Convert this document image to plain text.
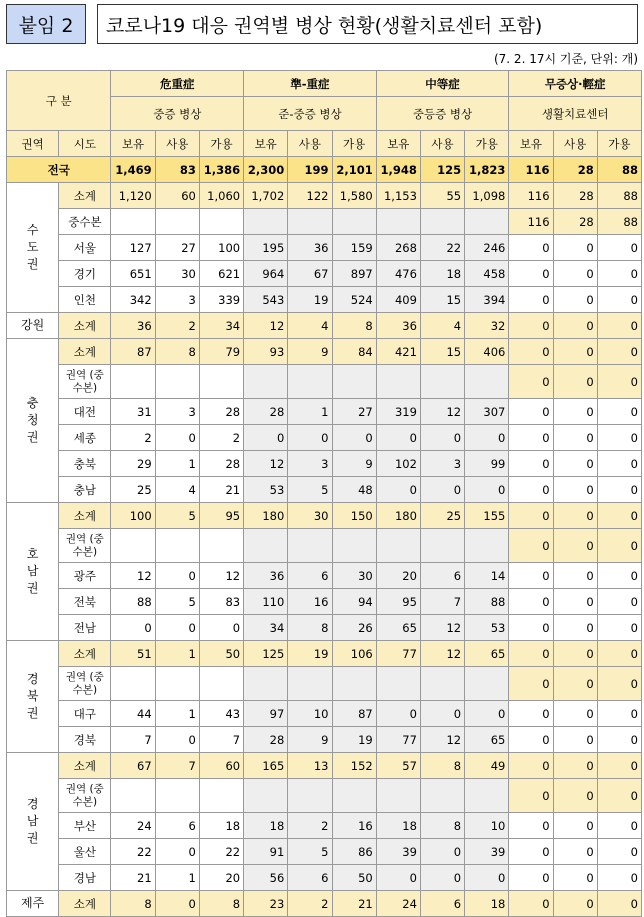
붙임 2	코로나19 대응 권역별 병상 현황(생활치료센터 포함)
(7. 2. 17시 기준, 단위: 개)
구 분		危重症			準-重症			中等症			무증상·輕症		
		중증 병상			준-중증 병상			중등증 병상			생활치료센터		
권역	시도	보유	사용	가용	보유	사용	가용	보유	사용	가용	보유	사용	가용
전국		1,469	83	1,386	2,300	199	2,101	1,948	125	1,823	116	28	88
수도권	소계	1,120	60	1,060	1,702	122	1,580	1,153	55	1,098	116	28	88
	중수본										116	28	88
	서울	127	27	100	195	36	159	268	22	246	0	0	0
	경기	651	30	621	964	67	897	476	18	458	0	0	0
	인천	342	3	339	543	19	524	409	15	394	0	0	0
강원	소계	36	2	34	12	4	8	36	4	32	0	0	0
충청권	소계	87	8	79	93	9	84	421	15	406	0	0	0
	권역 (중수본)										0	0	0
	대전	31	3	28	28	1	27	319	12	307	0	0	0
	세종	2	0	2	0	0	0	0	0	0	0	0	0
	충북	29	1	28	12	3	9	102	3	99	0	0	0
	충남	25	4	21	53	5	48	0	0	0	0	0	0
호남권	소계	100	5	95	180	30	150	180	25	155	0	0	0
	권역 (중수본)										0	0	0
	광주	12	0	12	36	6	30	20	6	14	0	0	0
	전북	88	5	83	110	16	94	95	7	88	0	0	0
	전남	0	0	0	34	8	26	65	12	53	0	0	0
경북권	소계	51	1	50	125	19	106	77	12	65	0	0	0
	권역 (중수본)										0	0	0
	대구	44	1	43	97	10	87	0	0	0	0	0	0
	경북	7	0	7	28	9	19	77	12	65	0	0	0
경남권	소계	67	7	60	165	13	152	57	8	49	0	0	0
	권역 (중수본)										0	0	0
	부산	24	6	18	18	2	16	18	8	10	0	0	0
	울산	22	0	22	91	5	86	39	0	39	0	0	0
	경남	21	1	20	56	6	50	0	0	0	0	0	0
제주	소계	8	0	8	23	2	21	24	6	18	0	0	0
